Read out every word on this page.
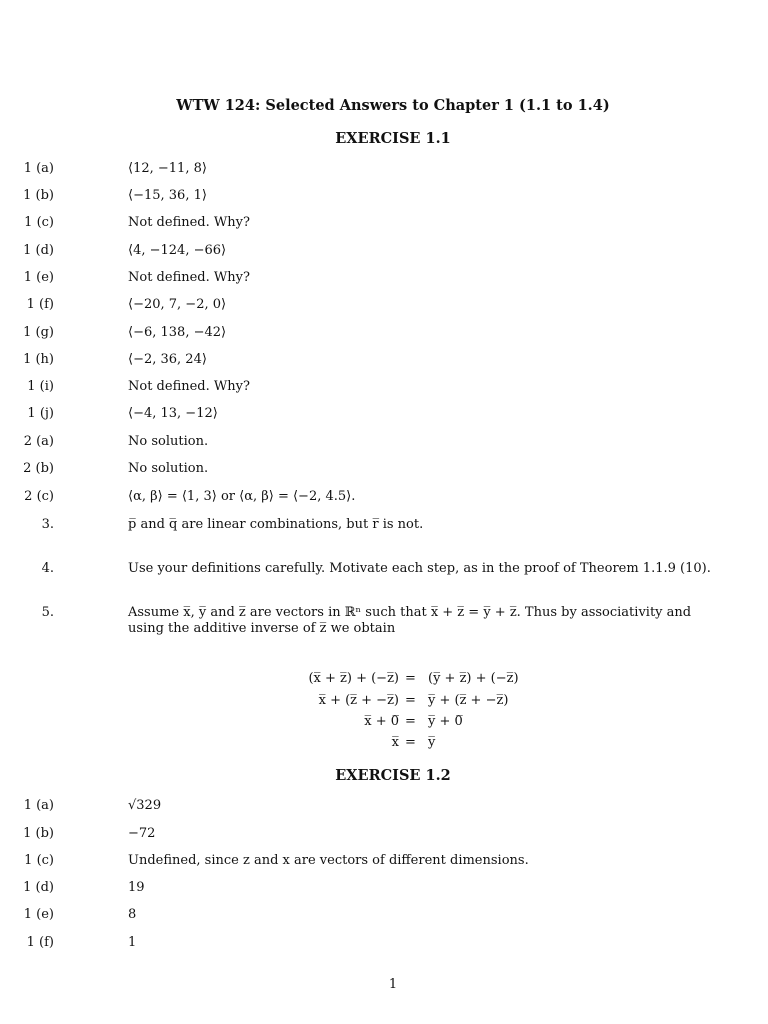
WTW 124: Selected Answers to Chapter 1 (1.1 to 1.4)
EXERCISE 1.1
1 (a)	⟨12, −11, 8⟩
1 (b)	⟨−15, 36, 1⟩
1 (c)	Not defined. Why?
1 (d)	⟨4, −124, −66⟩
1 (e)	Not defined. Why?
1 (f)	⟨−20, 7, −2, 0⟩
1 (g)	⟨−6, 138, −42⟩
1 (h)	⟨−2, 36, 24⟩
1 (i)	Not defined. Why?
1 (j)	⟨−4, 13, −12⟩
2 (a)	No solution.
2 (b)	No solution.
2 (c)	⟨α, β⟩ = ⟨1, 3⟩ or ⟨α, β⟩ = ⟨−2, 4.5⟩.
3.	p̅ and q̅ are linear combinations, but r̅ is not.
4.	Use your definitions carefully. Motivate each step, as in the proof of Theorem 1.1.9 (10).
5.	Assume x̅, y̅ and z̅ are vectors in ℝⁿ such that x̅ + z̅ = y̅ + z̅. Thus by associativity and using the additive inverse of z̅ we obtain
(x̅ + z̅) + (−z̅) = (y̅ + z̅) + (−z̅)
x̅ + (z̅ + −z̅) = y̅ + (z̅ + −z̅)
x̅ + 0̅ = y̅ + 0̅
x̅ = y̅
EXERCISE 1.2
1 (a)	√329
1 (b)	−72
1 (c)	Undefined, since z and x are vectors of different dimensions.
1 (d)	19
1 (e)	8
1 (f)	1
1
